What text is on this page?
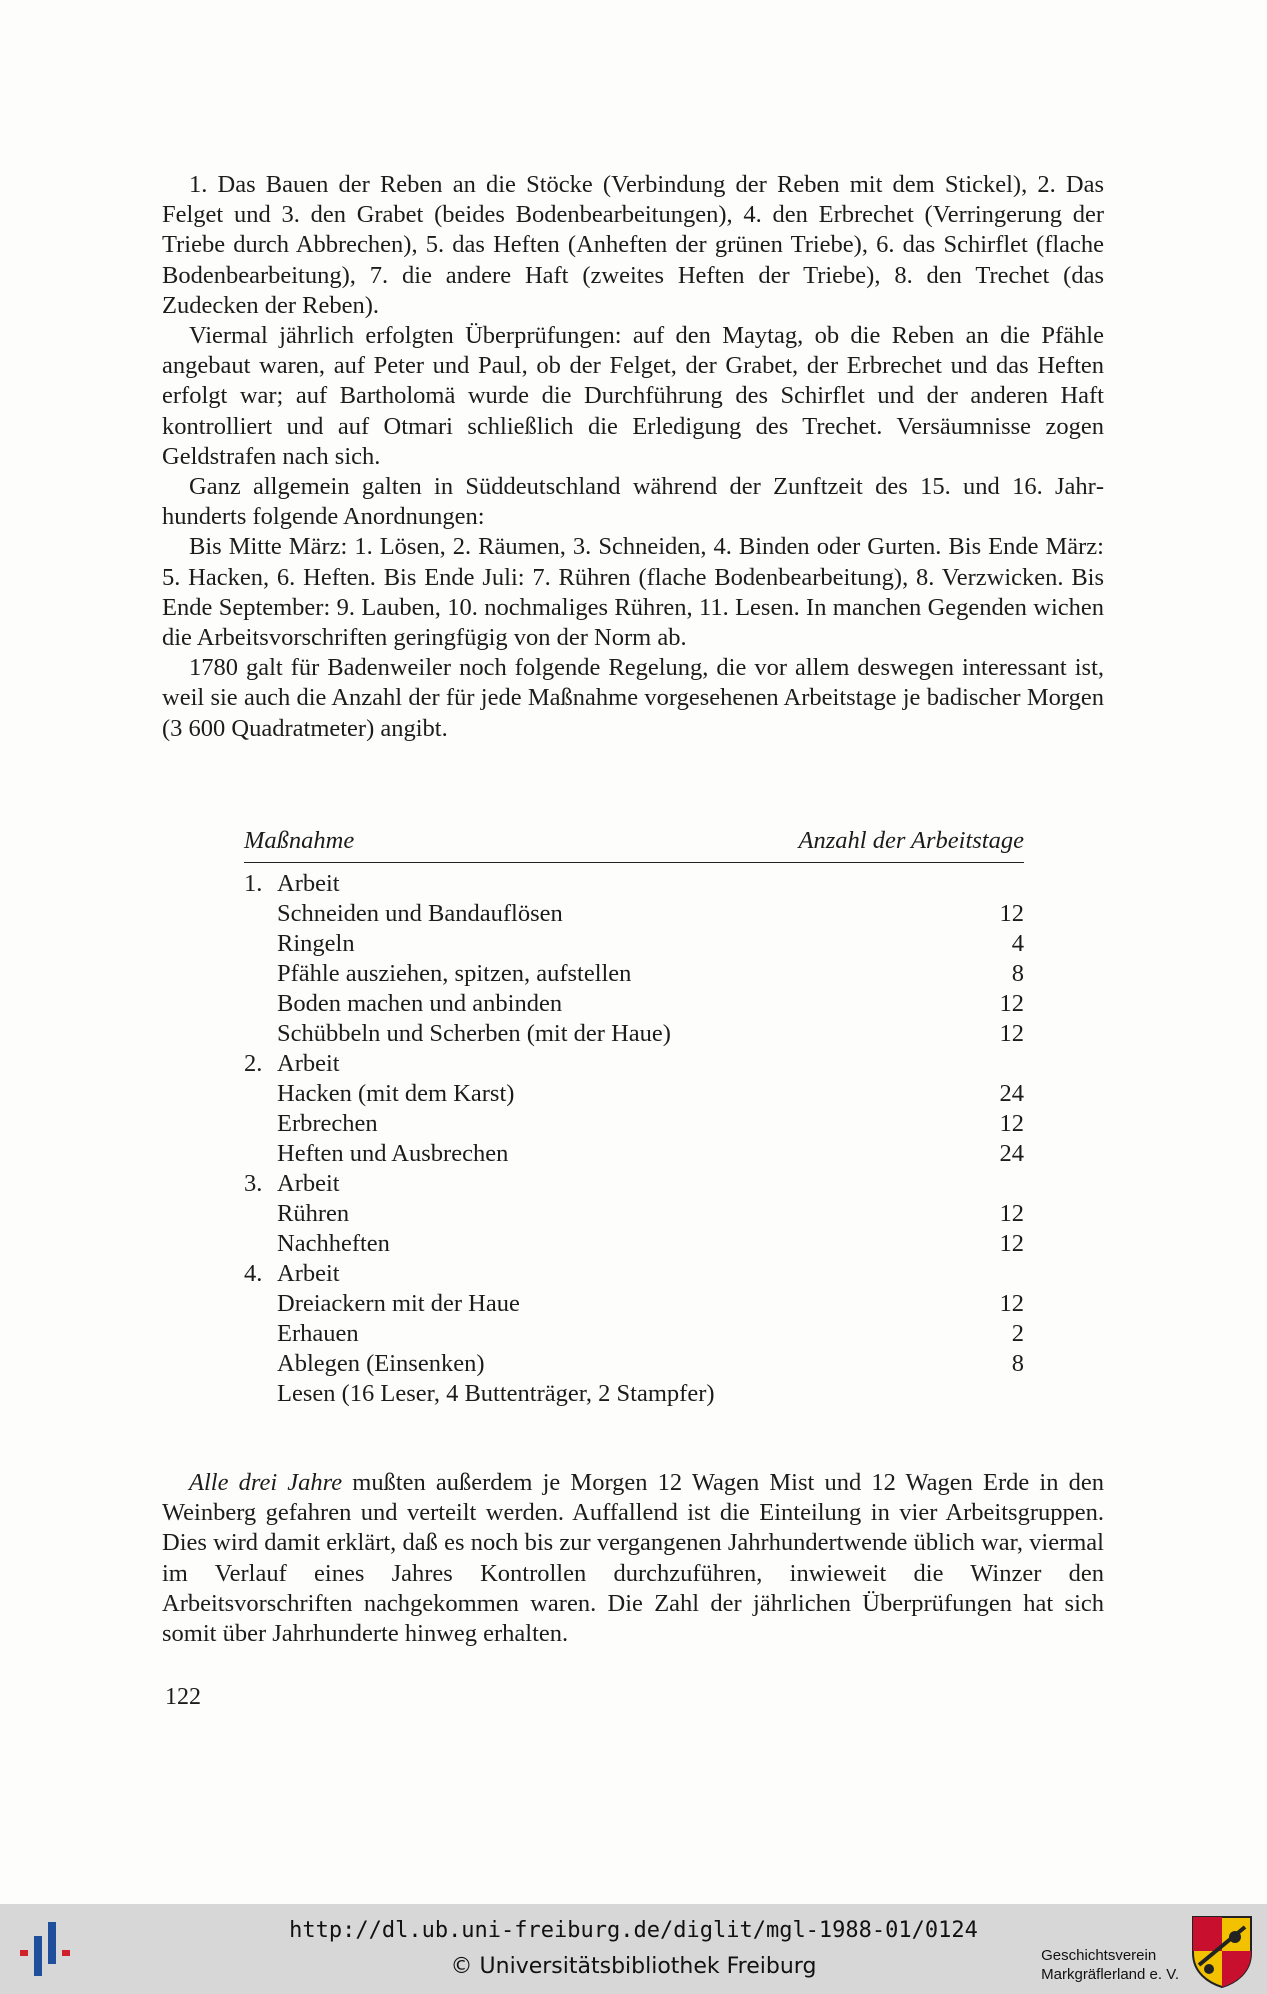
1. Das Bauen der Reben an die Stöcke (Verbindung der Reben mit dem Stickel), 2. Das Felget und 3. den Grabet (beides Bodenbearbeitungen), 4. den Erbrechet (Verringerung der Triebe durch Abbrechen), 5. das Heften (Anheften der grünen Triebe), 6. das Schirflet (flache Bodenbearbeitung), 7. die andere Haft (zweites Heften der Triebe), 8. den Trechet (das Zudecken der Reben).

Viermal jährlich erfolgten Überprüfungen: auf den Maytag, ob die Reben an die Pfähle angebaut waren, auf Peter und Paul, ob der Felget, der Grabet, der Erbrechet und das Heften erfolgt war; auf Bartholomä wurde die Durchführung des Schirflet und der anderen Haft kontrolliert und auf Otmari schließlich die Erledigung des Trechet. Versäumnisse zogen Geldstrafen nach sich.

Ganz allgemein galten in Süddeutschland während der Zunftzeit des 15. und 16. Jahrhunderts folgende Anordnungen:

Bis Mitte März: 1. Lösen, 2. Räumen, 3. Schneiden, 4. Binden oder Gurten. Bis Ende März: 5. Hacken, 6. Heften. Bis Ende Juli: 7. Rühren (flache Bodenbearbeitung), 8. Verzwicken. Bis Ende September: 9. Lauben, 10. nochmaliges Rühren, 11. Lesen. In manchen Gegenden wichen die Arbeitsvorschriften geringfügig von der Norm ab.

1780 galt für Badenweiler noch folgende Regelung, die vor allem deswegen interessant ist, weil sie auch die Anzahl der für jede Maßnahme vorgesehenen Arbeitstage je badischer Morgen (3 600 Quadratmeter) angibt.

Maßnahme	Anzahl der Arbeitstage
1. Arbeit
Schneiden und Bandauflösen	12
Ringeln	4
Pfähle ausziehen, spitzen, aufstellen	8
Boden machen und anbinden	12
Schübbeln und Scherben (mit der Haue)	12
2. Arbeit
Hacken (mit dem Karst)	24
Erbrechen	12
Heften und Ausbrechen	24
3. Arbeit
Rühren	12
Nachheften	12
4. Arbeit
Dreiackern mit der Haue	12
Erhauen	2
Ablegen (Einsenken)	8
Lesen (16 Leser, 4 Buttenträger, 2 Stampfer)

Alle drei Jahre mußten außerdem je Morgen 12 Wagen Mist und 12 Wagen Erde in den Weinberg gefahren und verteilt werden. Auffallend ist die Einteilung in vier Arbeitsgruppen. Dies wird damit erklärt, daß es noch bis zur vergangenen Jahrhundertwende üblich war, viermal im Verlauf eines Jahres Kontrollen durchzuführen, inwieweit die Winzer den Arbeitsvorschriften nachgekommen waren. Die Zahl der jährlichen Überprüfungen hat sich somit über Jahrhunderte hinweg erhalten.

122
http://dl.ub.uni-freiburg.de/diglit/mgl-1988-01/0124
© Universitätsbibliothek Freiburg	Geschichtsverein
Markgräflerland e. V.
